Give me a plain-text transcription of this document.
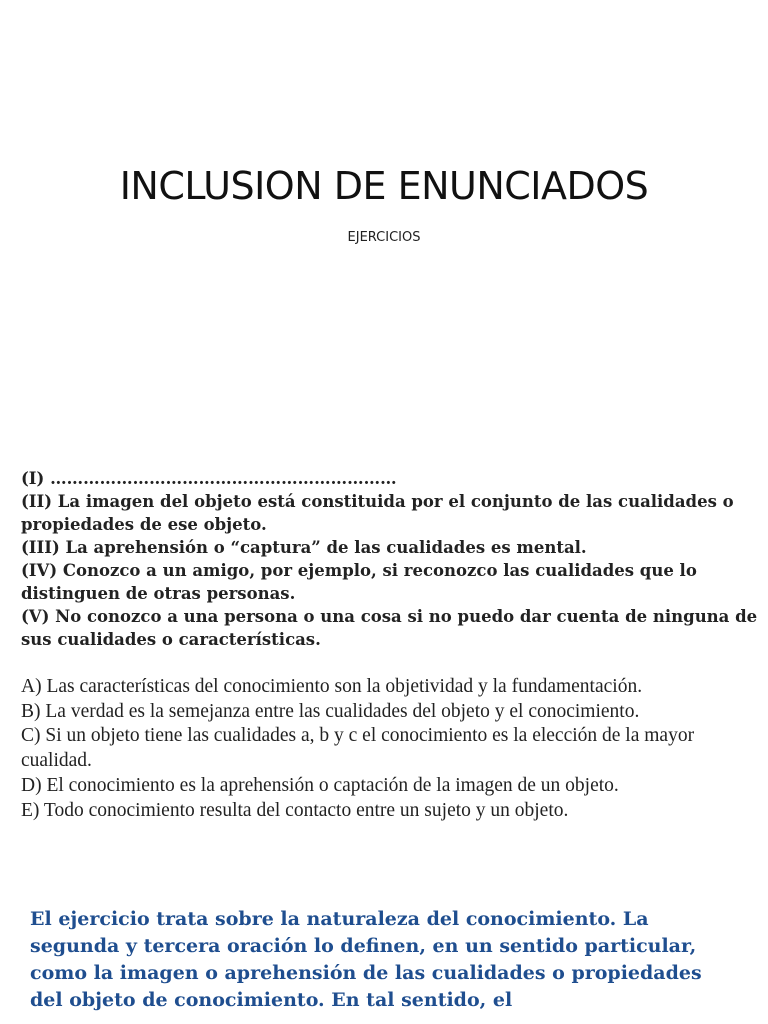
INCLUSION DE ENUNCIADOS

EJERCICIOS

(I) ………………………………………………………
(II) La imagen del objeto está constituida por el conjunto de las cualidades o propiedades de ese objeto.
(III) La aprehensión o “captura” de las cualidades es mental.
(IV) Conozco a un amigo, por ejemplo, si reconozco las cualidades que lo distinguen de otras personas.
(V) No conozco a una persona o una cosa si no puedo dar cuenta de ninguna de sus cualidades o características.
A) Las características del conocimiento son la objetividad y la fundamentación.
B) La verdad es la semejanza entre las cualidades del objeto y el conocimiento.
C) Si un objeto tiene las cualidades a, b y c el conocimiento es la elección de la mayor cualidad.
D) El conocimiento es la aprehensión o captación de la imagen de un objeto.
E) Todo conocimiento resulta del contacto entre un sujeto y un objeto.

El ejercicio trata sobre la naturaleza del conocimiento. La segunda y tercera oración lo definen, en un sentido particular, como la imagen o aprehensión de las cualidades o propiedades del objeto de conocimiento. En tal sentido, el
